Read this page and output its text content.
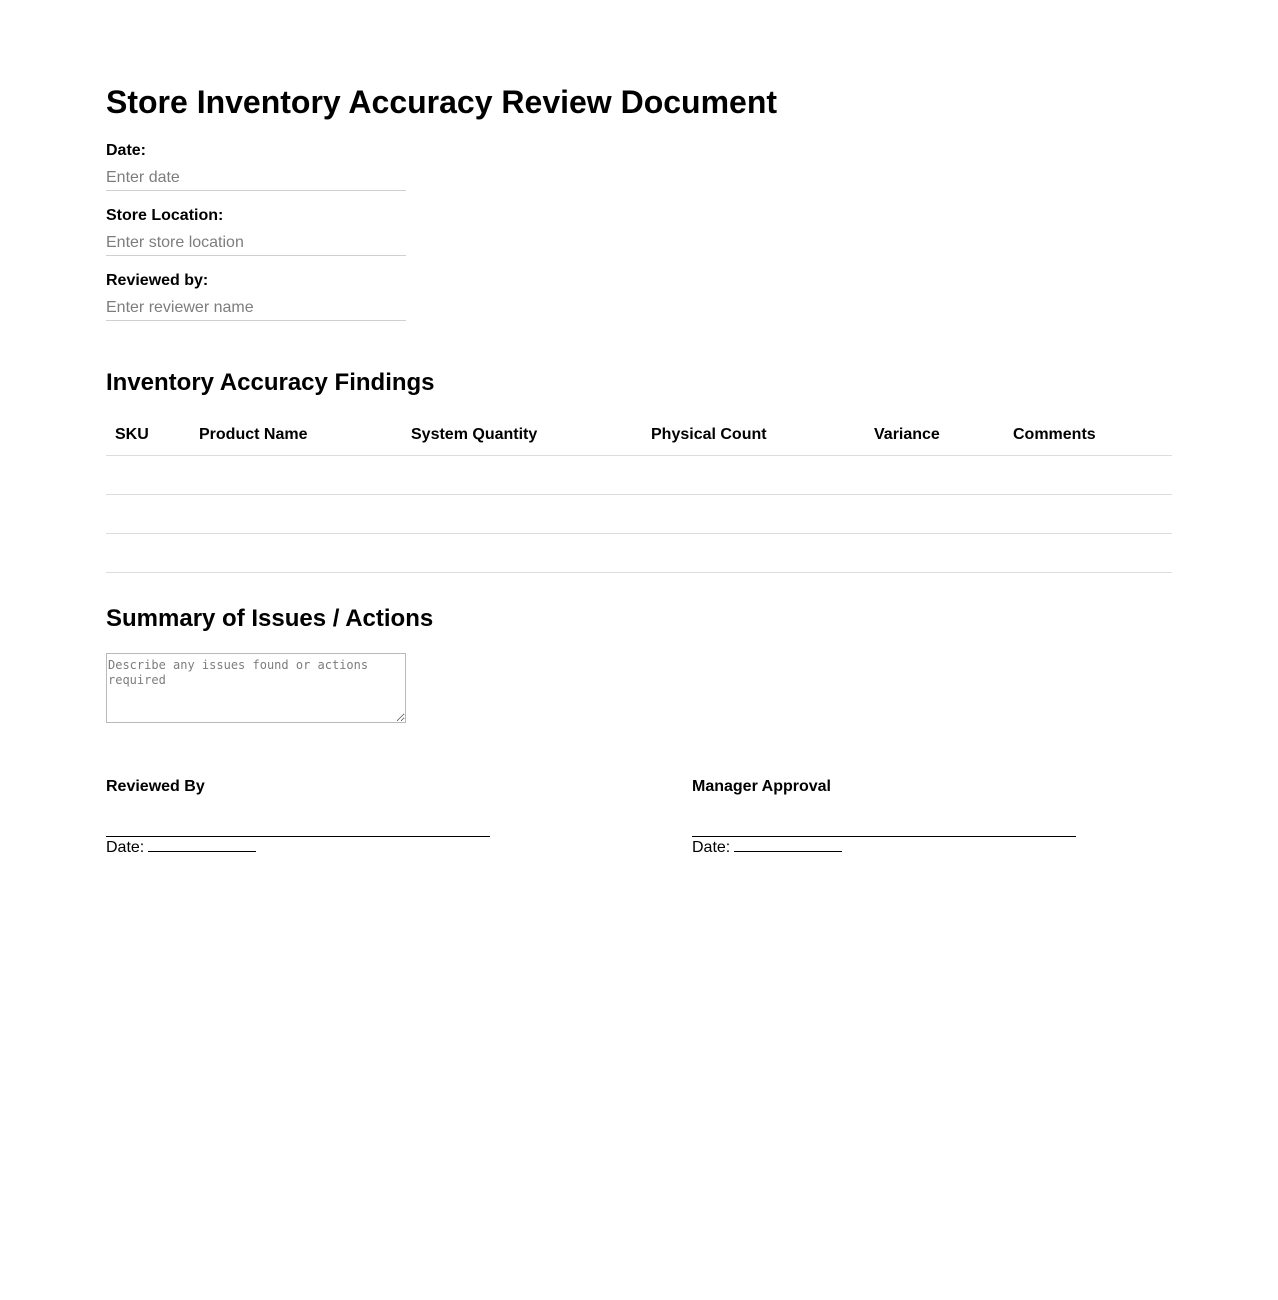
Store Inventory Accuracy Review Document
Date:
Enter date
Store Location:
Enter store location
Reviewed by:
Enter reviewer name
Inventory Accuracy Findings
SKU	Product Name	System Quantity	Physical Count	Variance	Comments

Summary of Issues / Actions
Describe any issues found or actions required
Reviewed By
Date:
Manager Approval
Date:
